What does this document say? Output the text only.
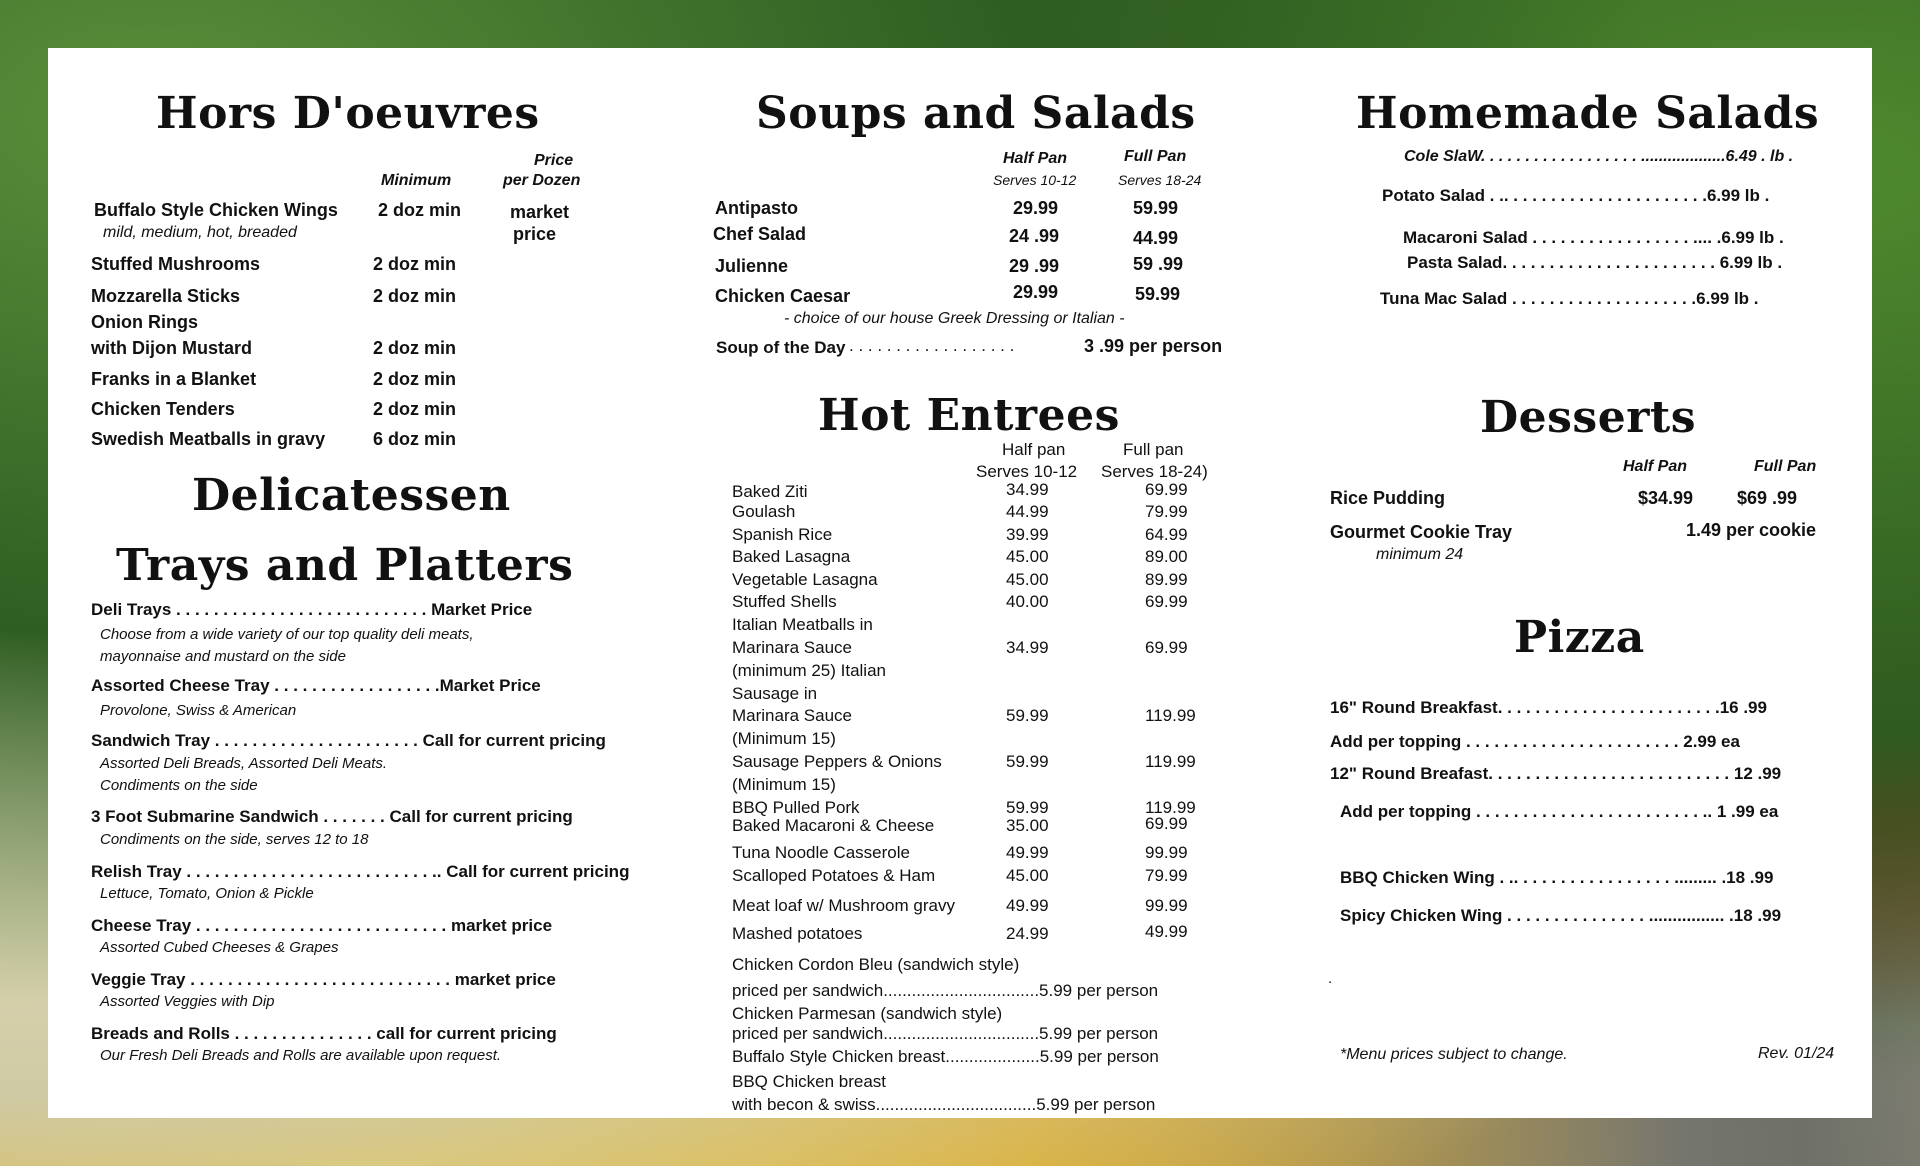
Hors D'oeuvres
Minimum
Price
per Dozen
Buffalo Style Chicken Wings
mild, medium, hot, breaded
2 doz min	market
price
Stuffed Mushrooms	2 doz min
Mozzarella Sticks	2 doz min
Onion Rings
with Dijon Mustard	2 doz min
Franks in a Blanket	2 doz min
Chicken Tenders	2 doz min
Swedish Meatballs in gravy	6 doz min
Delicatessen
Trays and Platters
Deli Trays . . . . . . . . . . . . . . . . . . . . . . . . . . . Market Price
Choose from a wide variety of our top quality deli meats,
mayonnaise and mustard on the side
Assorted Cheese Tray . . . . . . . . . . . . . . . . . .Market Price
Provolone, Swiss & American
Sandwich Tray . . . . . . . . . . . . . . . . . . . . . . Call for current pricing
Assorted Deli Breads, Assorted Deli Meats.
Condiments on the side
3 Foot Submarine Sandwich . . . . . . . Call for current pricing
Condiments on the side, serves 12 to 18
Relish Tray . . . . . . . . . . . . . . . . . . . . . . . . . . .. Call for current pricing
Lettuce, Tomato, Onion & Pickle
Cheese Tray . . . . . . . . . . . . . . . . . . . . . . . . . . . market price
Assorted Cubed Cheeses & Grapes
Veggie Tray . . . . . . . . . . . . . . . . . . . . . . . . . . . . market price
Assorted Veggies with Dip
Breads and Rolls . . . . . . . . . . . . . . . call for current pricing
Our Fresh Deli Breads and Rolls are available upon request.
Soups and Salads
Half Pan
Serves 10-12
Full Pan
Serves 18-24
Antipasto	29.99	59.99
Chef Salad	24 .99	44.99
Julienne	29 .99	59 .99
Chicken Caesar	29.99	59.99
- choice of our house Greek Dressing or Italian -
Soup of the Day . . . . . . . . . . . . . . . . . .	3 .99 per person
Hot Entrees
Half pan
Serves 10-12
Full pan
Serves 18-24)
Baked Ziti	34.99	69.99
Goulash	44.99	79.99
Spanish Rice	39.99	64.99
Baked Lasagna	45.00	89.00
Vegetable Lasagna	45.00	89.99
Stuffed Shells	40.00	69.99
Italian Meatballs in
Marinara Sauce	34.99	69.99
(minimum 25) Italian
Sausage in
Marinara Sauce	59.99	119.99
(Minimum 15)
Sausage Peppers & Onions	59.99	119.99
(Minimum 15)
BBQ Pulled Pork	59.99	119.99
Baked Macaroni & Cheese	35.00	69.99
Tuna Noodle Casserole	49.99	99.99
Scalloped Potatoes & Ham	45.00	79.99
Meat loaf w/ Mushroom gravy	49.99	99.99
Mashed potatoes	24.99	49.99
Chicken Cordon Bleu (sandwich style)
priced per sandwich.................................5.99 per person
Chicken Parmesan (sandwich style)
priced per sandwich.................................5.99 per person
Buffalo Style Chicken breast....................5.99 per person
BBQ Chicken breast
with becon & swiss..................................5.99 per person
Homemade Salads
Cole SlaW. . . . . . . . . . . . . . . . . . ...................6.49 . lb .
Potato Salad . .. . . . . . . . . . . . . . . . . . . . . .6.99 lb .
Macaroni Salad . . . . . . . . . . . . . . . . . .... .6.99 lb .
Pasta Salad. . . . . . . . . . . . . . . . . . . . . . . 6.99 lb .
Tuna Mac Salad . . . . . . . . . . . . . . . . . . . .6.99 lb .
Desserts
Half Pan	Full Pan
Rice Pudding	$34.99 $69 .99
Gourmet Cookie Tray	1.49 per cookie
minimum 24
Pizza
16" Round Breakfast. . . . . . . . . . . . . . . . . . . . . . . .16 .99
Add per topping . . . . . . . . . . . . . . . . . . . . . . . 2.99 ea
12" Round Breafast. . . . . . . . . . . . . . . . . . . . . . . . . . 12 .99
Add per topping . . . . . . . . . . . . . . . . . . . . . . . . .. 1 .99 ea
BBQ Chicken Wing . .. . . . . . . . . . . . . . . . . ......... .18 .99
Spicy Chicken Wing . . . . . . . . . . . . . . . ................ .18 .99
.
*Menu prices subject to change.	Rev. 01/24
